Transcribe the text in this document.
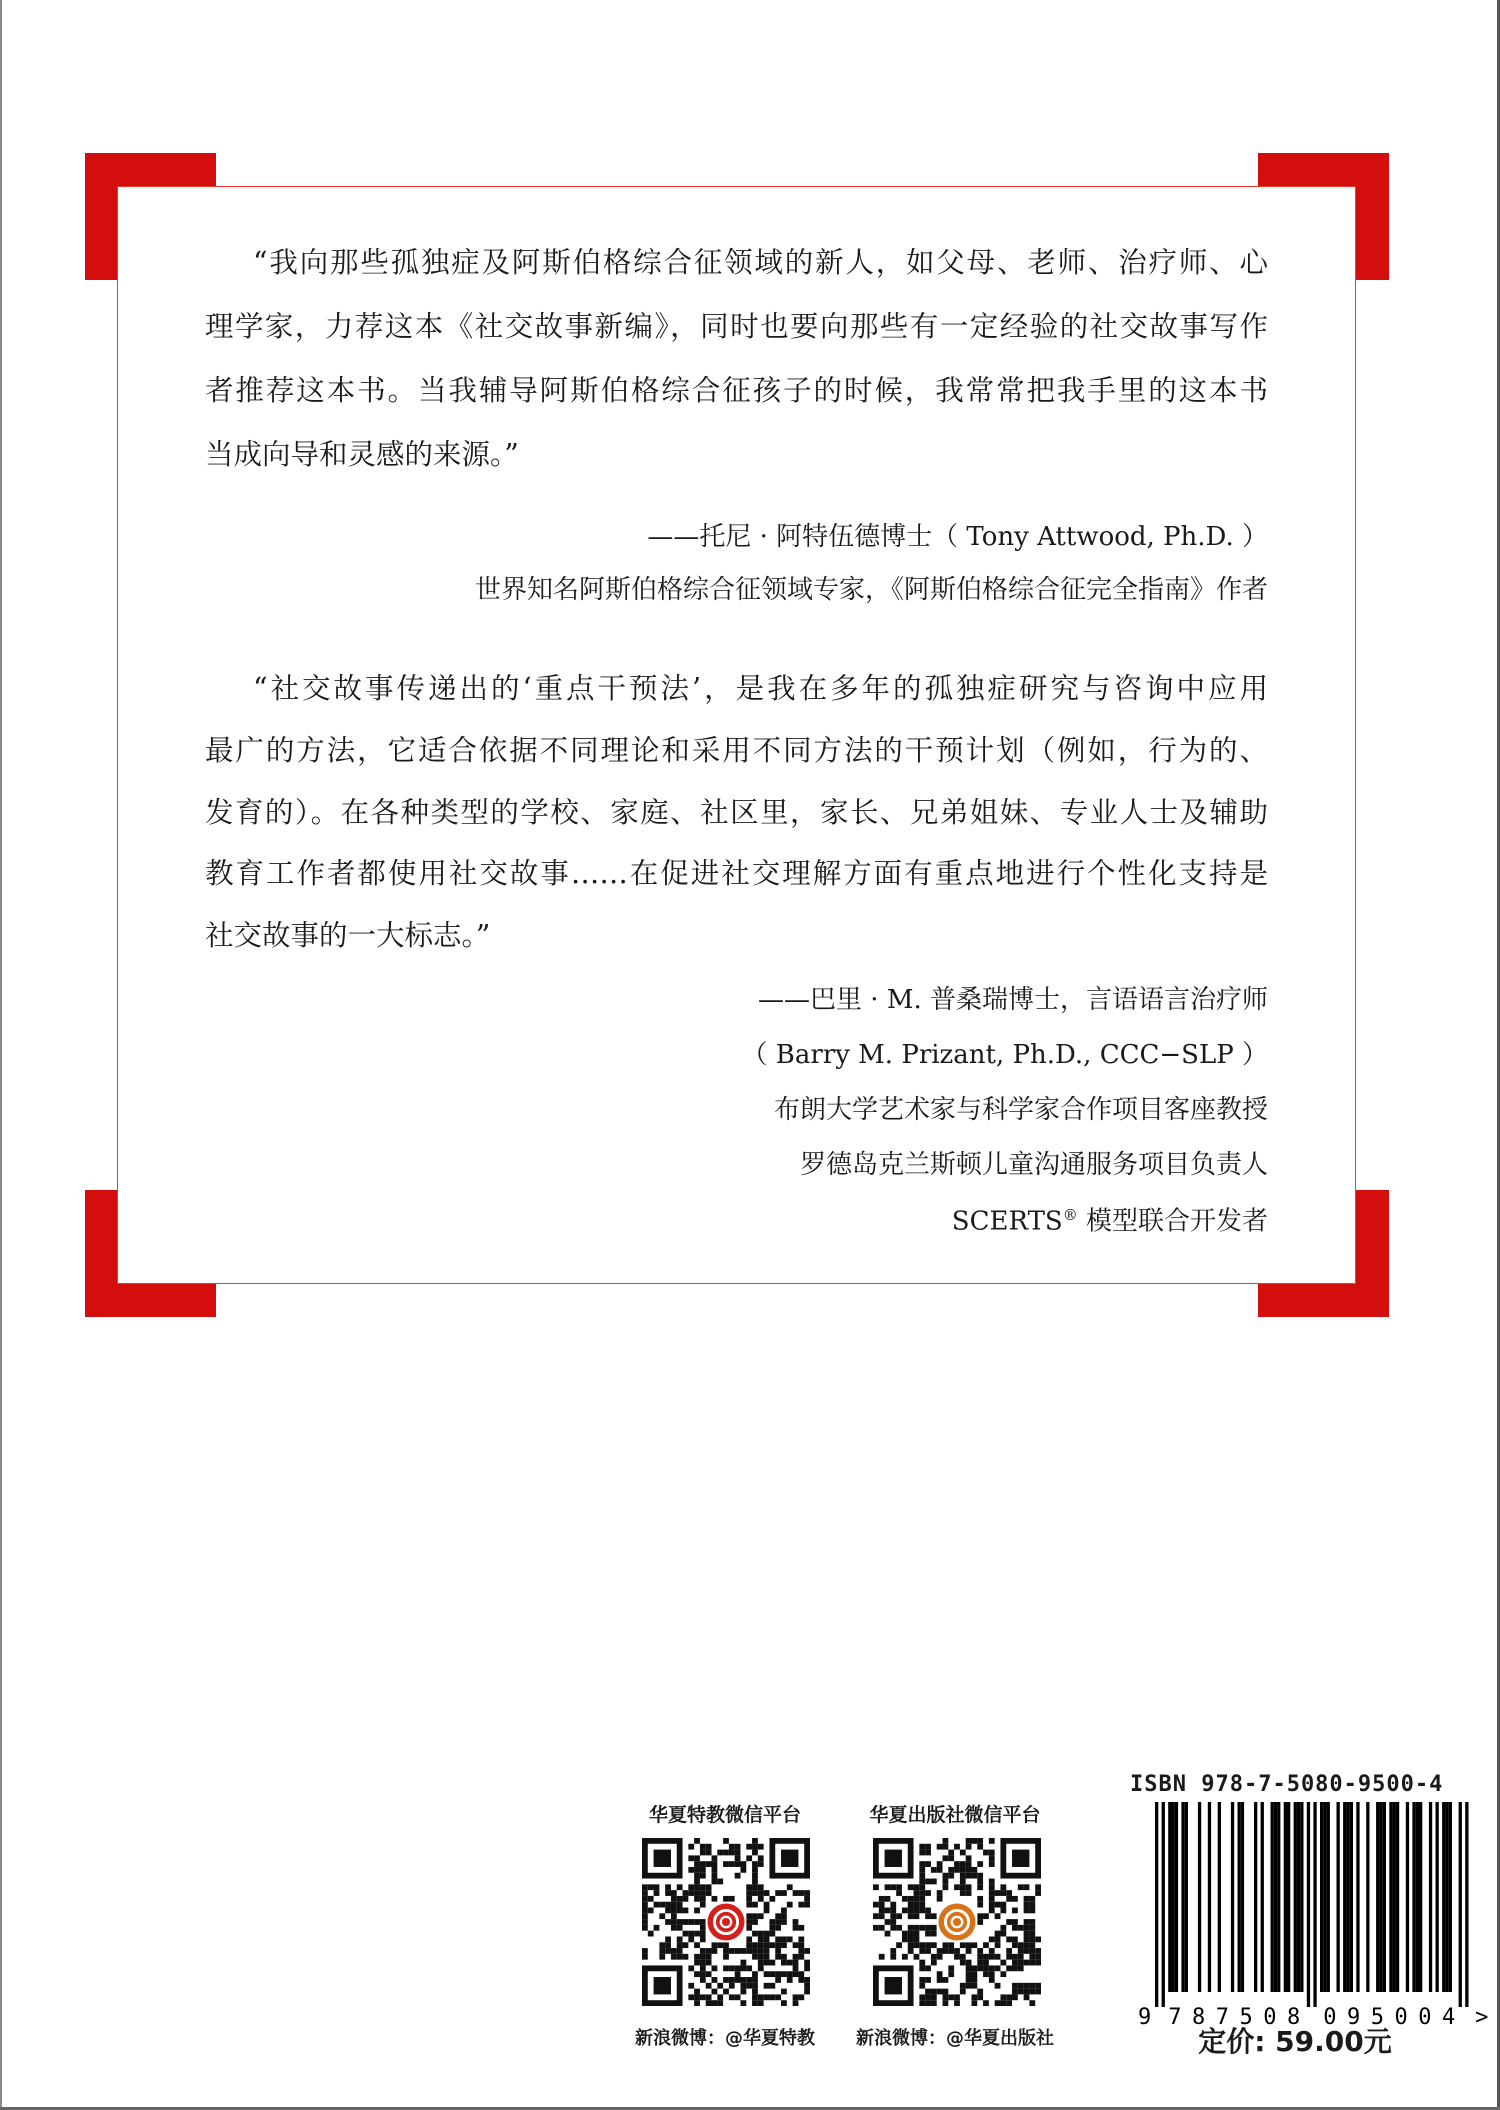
“我向那些孤独症及阿斯伯格综合征领域的新人，如父母、老师、治疗师、心
理学家，力荐这本《社交故事新编》，同时也要向那些有一定经验的社交故事写作
者推荐这本书。当我辅导阿斯伯格综合征孩子的时候，我常常把我手里的这本书
当成向导和灵感的来源。”
——托尼 · 阿特伍德博士（ Tony Attwood, Ph.D. ）
世界知名阿斯伯格综合征领域专家，《阿斯伯格综合征完全指南》作者
“社交故事传递出的‘重点干预法’，是我在多年的孤独症研究与咨询中应用
最广的方法，它适合依据不同理论和采用不同方法的干预计划（例如，行为的、
发育的）。在各种类型的学校、家庭、社区里，家长、兄弟姐妹、专业人士及辅助
教育工作者都使用社交故事……在促进社交理解方面有重点地进行个性化支持是
社交故事的一大标志。”
——巴里 · M. 普桑瑞博士，言语语言治疗师
（ Barry M. Prizant, Ph.D., CCC−SLP ）
布朗大学艺术家与科学家合作项目客座教授
罗德岛克兰斯顿儿童沟通服务项目负责人
SCERTS® 模型联合开发者
华夏特教微信平台
新浪微博：@华夏特教
华夏出版社微信平台
新浪微博：@华夏出版社
ISBN 978-7-5080-9500-4
9 787508 095004 >
定价: 59.00元
